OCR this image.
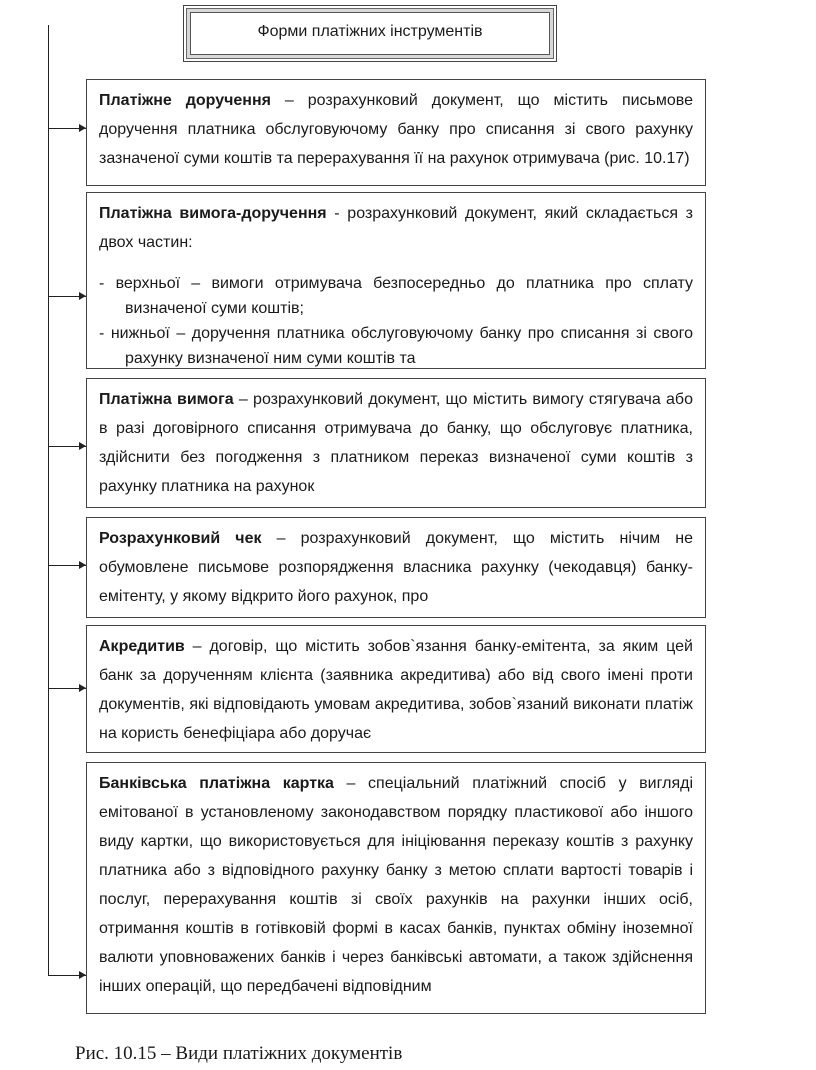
Форми платіжних інструментів

Платіжне доручення – розрахунковий документ, що містить письмове доручення платника обслуговуючому банку про списання зі свого рахунку зазначеної суми коштів та перерахування її на рахунок отримувача (рис. 10.17)

Платіжна вимога-доручення - розрахунковий документ, який складається з двох частин:

- верхньої – вимоги отримувача безпосередньо до платника про сплату визначеної суми коштів;

- нижньої – доручення платника обслуговуючому банку про списання зі свого рахунку визначеної ним суми коштів та

Платіжна вимога – розрахунковий документ, що містить вимогу стягувача або в разі договірного списання отримувача до банку, що обслуговує платника, здійснити без погодження з платником переказ визначеної суми коштів з рахунку платника на рахунок

Розрахунковий чек – розрахунковий документ, що містить нічим не обумовлене письмове розпорядження власника рахунку (чекодавця) банку-емітенту, у якому відкрито його рахунок, про

Акредитив – договір, що містить зобов`язання банку-емітента, за яким цей банк за дорученням клієнта (заявника акредитива) або від свого імені проти документів, які відповідають умовам акредитива, зобов`язаний виконати платіж на користь бенефіціара або доручає

Банківська платіжна картка – спеціальний платіжний спосіб у вигляді емітованої в установленому законодавством порядку пластикової або іншого виду картки, що використовується для ініціювання переказу коштів з рахунку платника або з відповідного рахунку банку з метою сплати вартості товарів і послуг, перерахування коштів зі своїх рахунків на рахунки інших осіб, отримання коштів в готівковій формі в касах банків, пунктах обміну іноземної валюти уповноважених банків і через банківські автомати, а також здійснення інших операцій, що передбачені відповідним

Рис. 10.15 – Види платіжних документів
